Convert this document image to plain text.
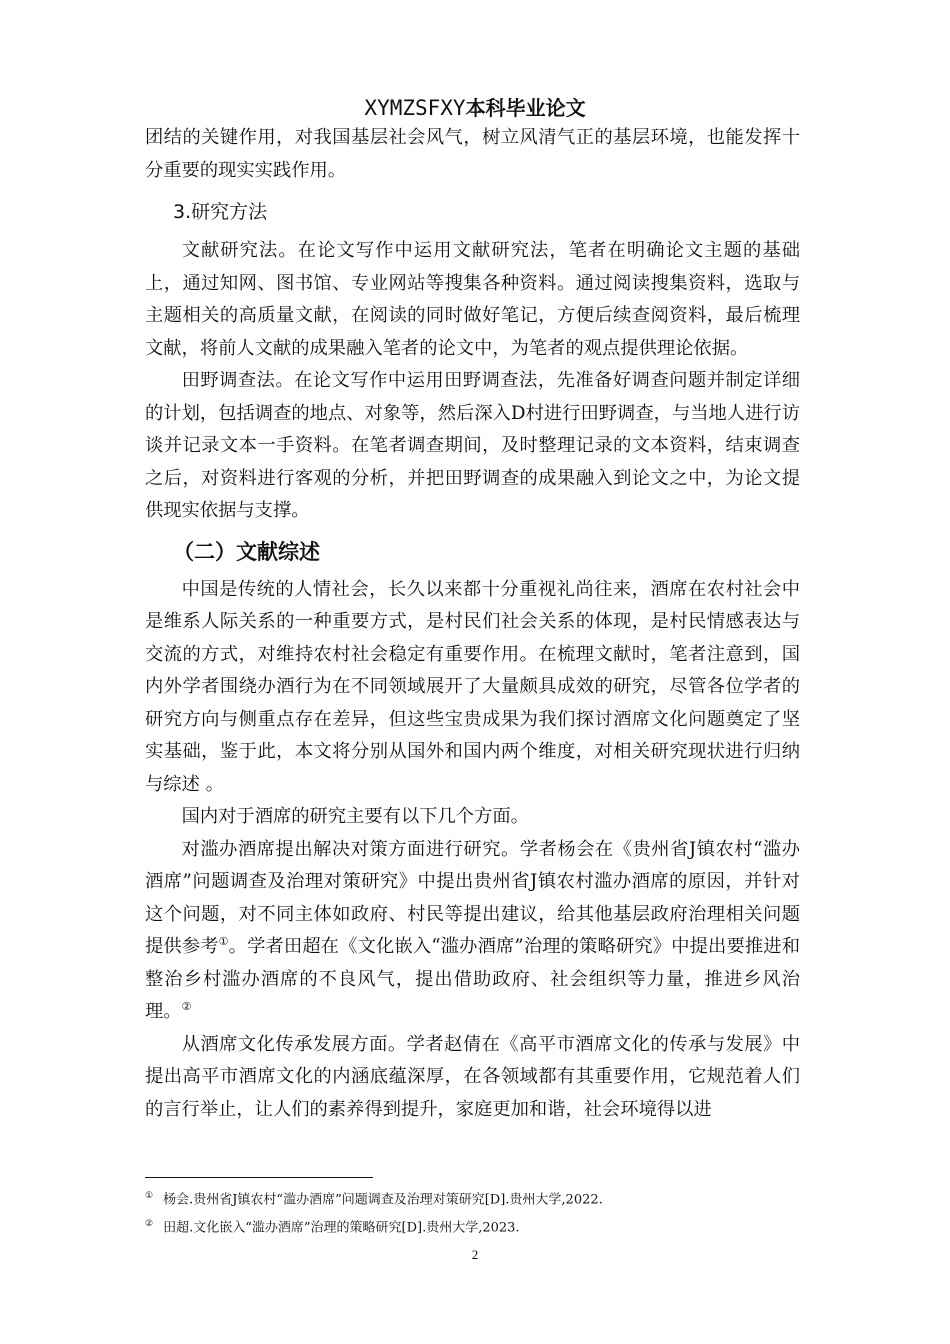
XYMZSFXY本科毕业论文

团结的关键作用，对我国基层社会风气，树立风清气正的基层环境，也能发挥十分重要的现实实践作用。

3.研究方法

文献研究法。在论文写作中运用文献研究法，笔者在明确论文主题的基础上，通过知网、图书馆、专业网站等搜集各种资料。通过阅读搜集资料，选取与主题相关的高质量文献，在阅读的同时做好笔记，方便后续查阅资料，最后梳理文献，将前人文献的成果融入笔者的论文中，为笔者的观点提供理论依据。

田野调查法。在论文写作中运用田野调查法，先准备好调查问题并制定详细的计划，包括调查的地点、对象等，然后深入D村进行田野调查，与当地人进行访谈并记录文本一手资料。在笔者调查期间，及时整理记录的文本资料，结束调查之后，对资料进行客观的分析，并把田野调查的成果融入到论文之中，为论文提供现实依据与支撑。

（二）文献综述

中国是传统的人情社会，长久以来都十分重视礼尚往来，酒席在农村社会中是维系人际关系的一种重要方式，是村民们社会关系的体现，是村民情感表达与交流的方式，对维持农村社会稳定有重要作用。在梳理文献时，笔者注意到，国内外学者围绕办酒行为在不同领域展开了大量颇具成效的研究，尽管各位学者的研究方向与侧重点存在差异，但这些宝贵成果为我们探讨酒席文化问题奠定了坚实基础，鉴于此，本文将分别从国外和国内两个维度，对相关研究现状进行归纳与综述 。

国内对于酒席的研究主要有以下几个方面。

对滥办酒席提出解决对策方面进行研究。学者杨会在《贵州省J镇农村“滥办酒席”问题调查及治理对策研究》中提出贵州省J镇农村滥办酒席的原因，并针对这个问题，对不同主体如政府、村民等提出建议，给其他基层政府治理相关问题提供参考①。学者田超在《文化嵌入“滥办酒席”治理的策略研究》中提出要推进和整治乡村滥办酒席的不良风气，提出借助政府、社会组织等力量，推进乡风治理。②

从酒席文化传承发展方面。学者赵倩在《高平市酒席文化的传承与发展》中提出高平市酒席文化的内涵底蕴深厚，在各领域都有其重要作用，它规范着人们的言行举止，让人们的素养得到提升，家庭更加和谐，社会环境得以进

① 杨会.贵州省J镇农村“滥办酒席”问题调查及治理对策研究[D].贵州大学,2022.
② 田超.文化嵌入“滥办酒席”治理的策略研究[D].贵州大学,2023.
2
